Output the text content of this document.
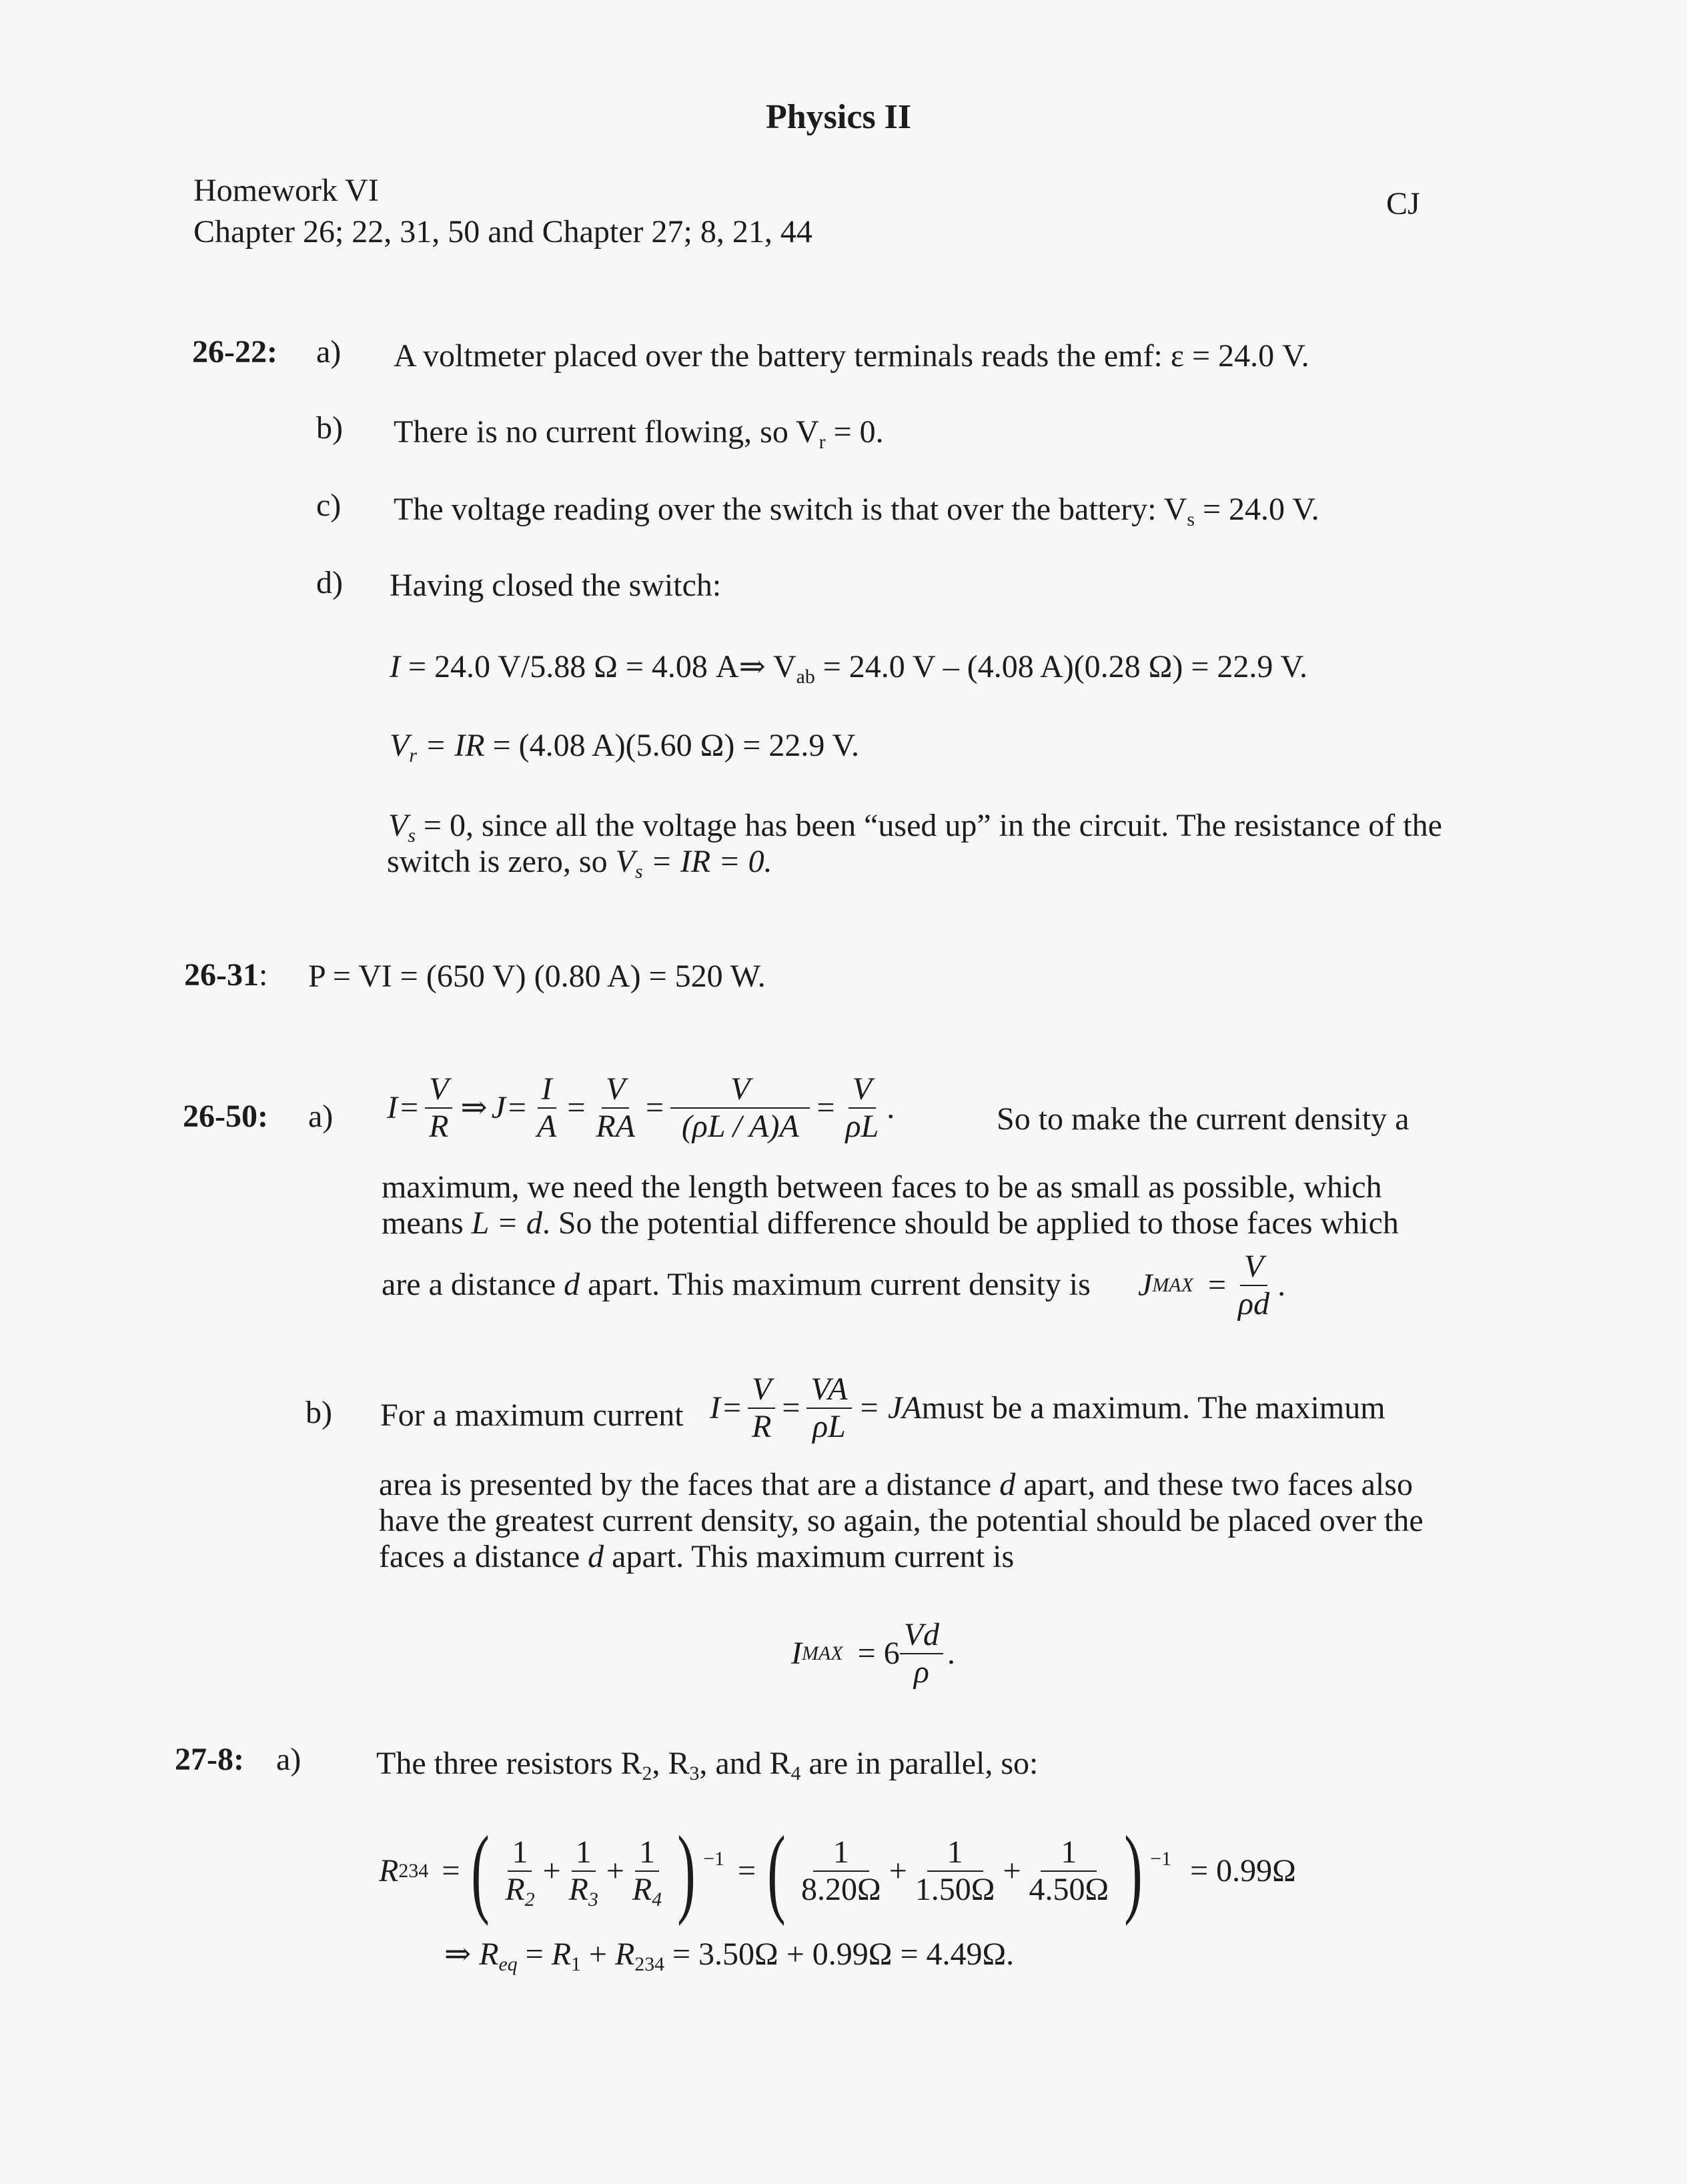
Physics II
Homework VI
Chapter 26; 22, 31, 50 and Chapter 27; 8, 21, 44
CJ
26-22: a) A voltmeter placed over the battery terminals reads the emf: ε = 24.0 V.
b) There is no current flowing, so $V_r = 0$.
c) The voltage reading over the switch is that over the battery: $V_s = 24.0$ V.
d) Having closed the switch:
I = 24.0 V/5.88 Ω = 4.08 A⇒ $V_{ab} = 24.0$ V – (4.08 A)(0.28 Ω) = 22.9 V.
$V_r$ = IR = (4.08 A)(5.60 Ω) = 22.9 V.
$V_s = 0$, since all the voltage has been “used up” in the circuit. The resistance of the
switch is zero, so $V_s$ = IR = 0.
26-31: P = VI = (650 V) (0.80 A) = 520 W.
26-50: a) $I = \frac{V}{R}$ ⇒ $J = \frac{I}{A} = \frac{V}{RA} = \frac{V}{(\rho L / A)A} = \frac{V}{\rho L}$ .	So to make the current density a
maximum, we need the length between faces to be as small as possible, which
means L = d. So the potential difference should be applied to those faces which
are a distance d apart. This maximum current density is J MAX = $\frac{V}{\rho d}$ .
b) For a maximum current $I = \frac{V}{R} = \frac{VA}{\rho L}$ = JA must be a maximum. The maximum
area is presented by the faces that are a distance d apart, and these two faces also
have the greatest current density, so again, the potential should be placed over the
faces a distance d apart. This maximum current is
I MAX = $6 \frac{Vd}{\rho}$ .
27-8: a) The three resistors $R_2$, $R_3$, and $R_4$ are in parallel, so:
R 234 = ( $\frac{1}{R_2} + \frac{1}{R_3} + \frac{1}{R_4}$ ) −1 = ( $\frac{1}{8.20\Omega} + \frac{1}{1.50\Omega} + \frac{1}{4.50\Omega}$ ) −1 = 0.99Ω
⇒ $R_{eq} = R_1 + R_{234} = 3.50\Omega + 0.99\Omega = 4.49\Omega$.
